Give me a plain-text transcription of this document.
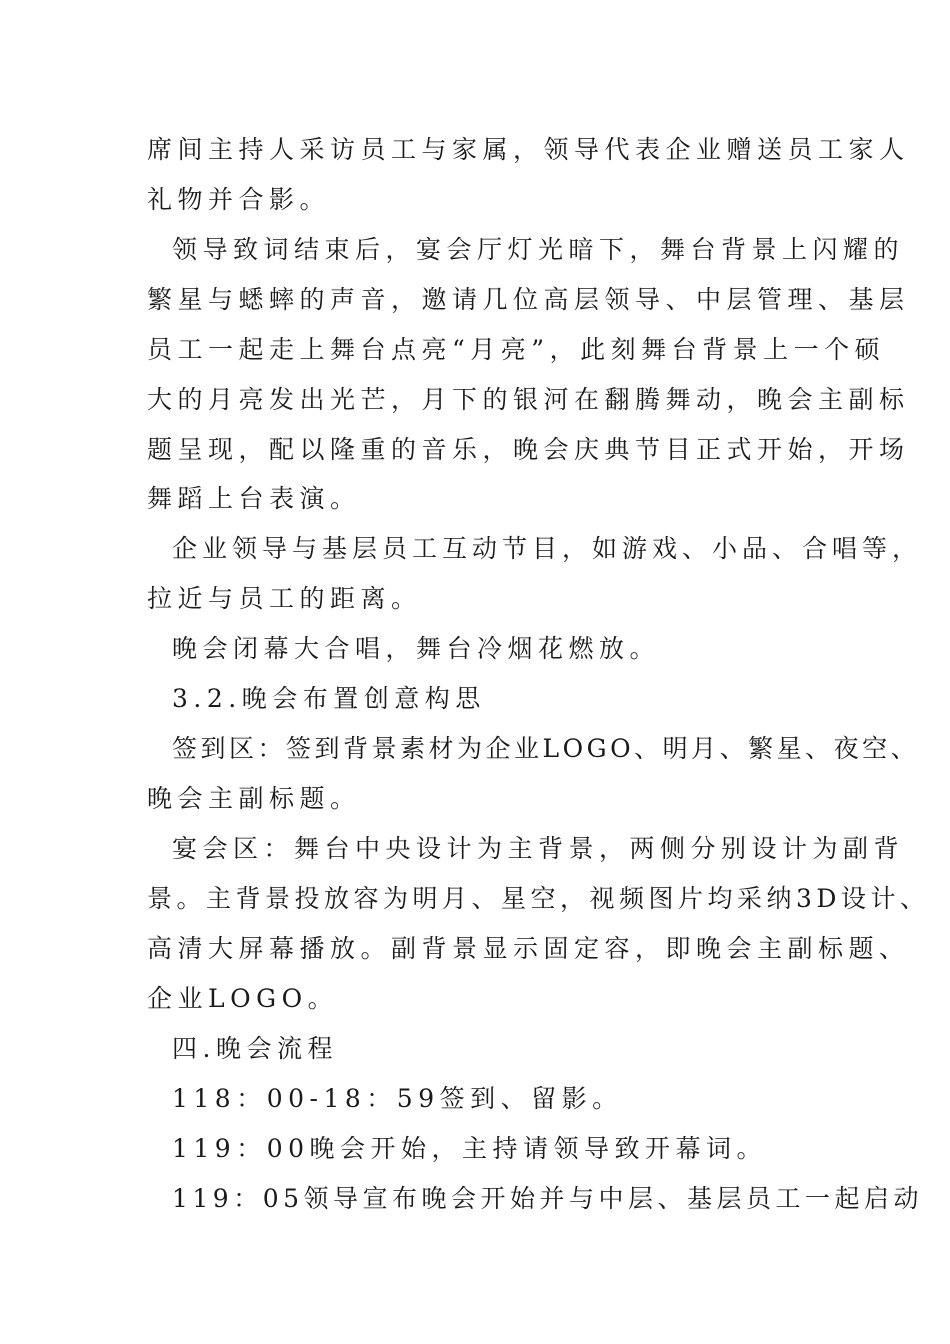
席间主持人采访员工与家属，领导代表企业赠送员工家人
礼物并合影。
领导致词结束后，宴会厅灯光暗下，舞台背景上闪耀的
繁星与蟋蟀的声音，邀请几位高层领导、中层管理、基层
员工一起走上舞台点亮“月亮”，此刻舞台背景上一个硕
大的月亮发出光芒，月下的银河在翻腾舞动，晚会主副标
题呈现，配以隆重的音乐，晚会庆典节目正式开始，开场
舞蹈上台表演。
企业领导与基层员工互动节目，如游戏、小品、合唱等，
拉近与员工的距离。
晚会闭幕大合唱，舞台冷烟花燃放。
3.2.晚会布置创意构思
签到区：签到背景素材为企业LOGO、明月、繁星、夜空、
晚会主副标题。
宴会区：舞台中央设计为主背景，两侧分别设计为副背
景。主背景投放容为明月、星空，视频图片均采纳3D设计、
高清大屏幕播放。副背景显示固定容，即晚会主副标题、
企业LOGO。
四.晚会流程
118：00-18：59签到、留影。
119：00晚会开始，主持请领导致开幕词。
119：05领导宣布晚会开始并与中层、基层员工一起启动
